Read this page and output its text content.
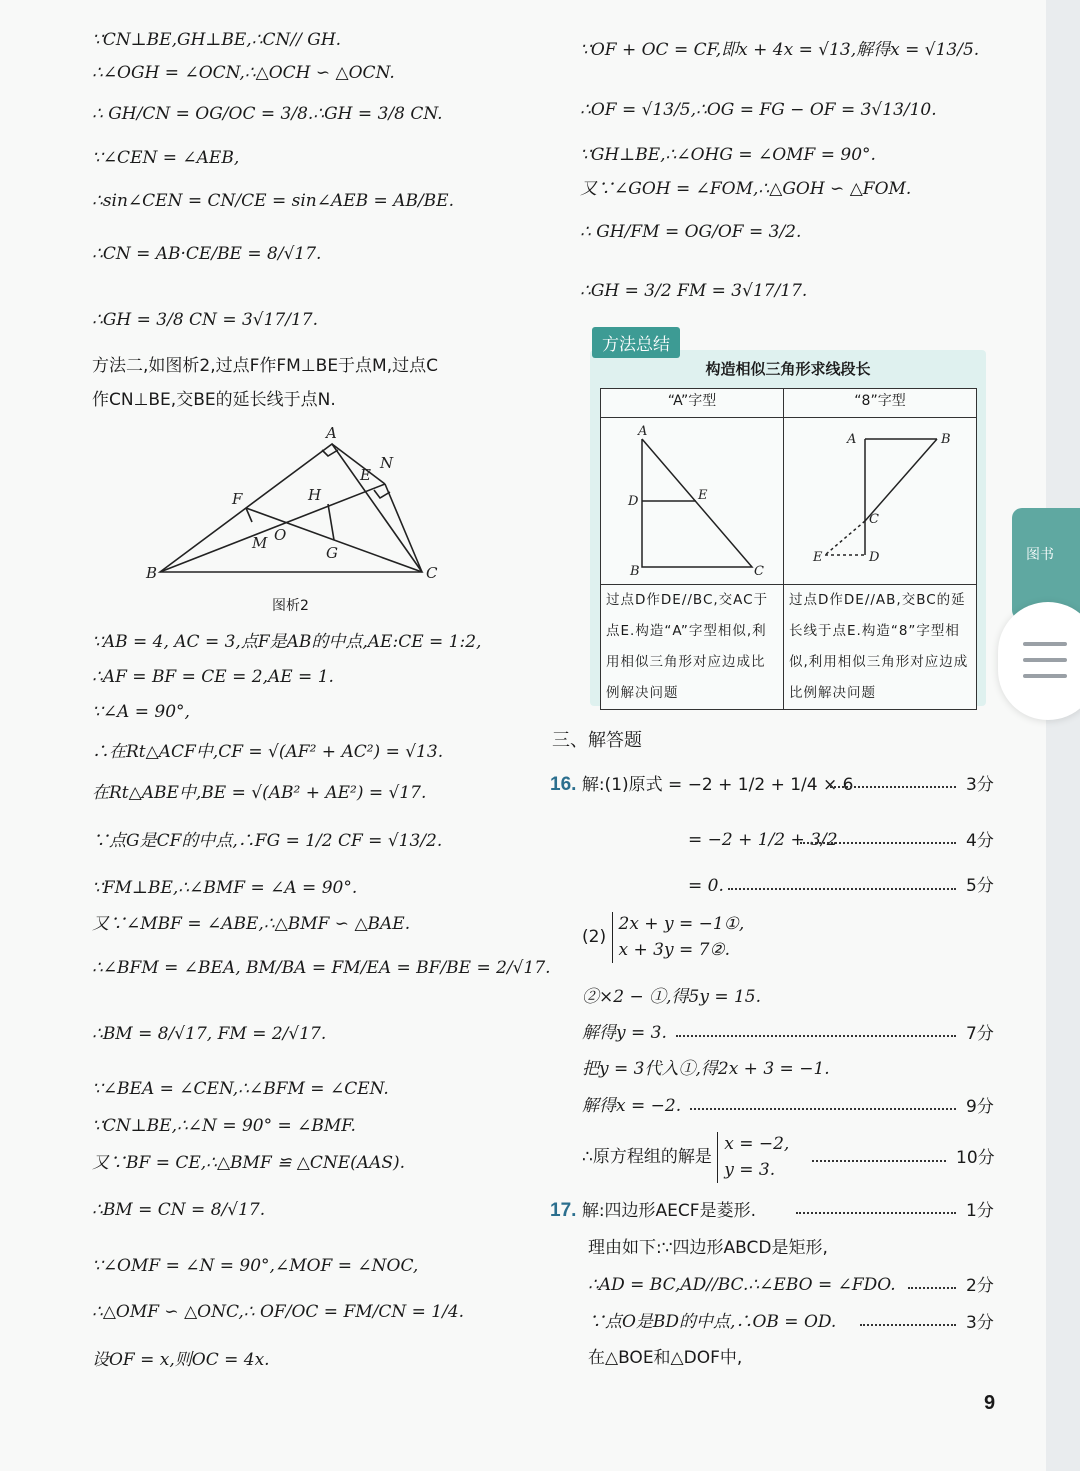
∵CN⊥BE,GH⊥BE,∴CN// GH.
∴∠OGH = ∠OCN,∴△OCH ∽ △OCN.
∴ GH/CN = OG/OC = 3/8.∴GH = 3/8 CN.
∵∠CEN = ∠AEB,
∴sin∠CEN = CN/CE = sin∠AEB = AB/BE.
∴CN = AB·CE/BE = 8/√17.
∴GH = 3/8 CN = 3√17/17.
方法二,如图析2,过点F作FM⊥BE于点M,过点C
作CN⊥BE,交BE的延长线于点N.
A
B	C
F
E
N
H
O
M
G
图析2
∵AB = 4, AC = 3,点F是AB的中点,AE:CE = 1:2,
∴AF = BF = CE = 2,AE = 1.
∵∠A = 90°,
∴在Rt△ACF中,CF = √(AF² + AC²) = √13.
在Rt△ABE中,BE = √(AB² + AE²) = √17.
∵点G是CF的中点,∴FG = 1/2 CF = √13/2.
∵FM⊥BE,∴∠BMF = ∠A = 90°.
又∵∠MBF = ∠ABE,∴△BMF ∽ △BAE.
∴∠BFM = ∠BEA, BM/BA = FM/EA = BF/BE = 2/√17.
∴BM = 8/√17, FM = 2/√17.
∵∠BEA = ∠CEN,∴∠BFM = ∠CEN.
∵CN⊥BE,∴∠N = 90° = ∠BMF.
又∵BF = CE,∴△BMF ≌ △CNE(AAS).
∴BM = CN = 8/√17.
∵∠OMF = ∠N = 90°,∠MOF = ∠NOC,
∴△OMF ∽ △ONC,∴ OF/OC = FM/CN = 1/4.
设OF = x,则OC = 4x.
∵OF + OC = CF,即x + 4x = √13,解得x = √13/5.
∴OF = √13/5,∴OG = FG − OF = 3√13/10.
∵GH⊥BE,∴∠OHG = ∠OMF = 90°.
又∵∠GOH = ∠FOM,∴△GOH ∽ △FOM.
∴ GH/FM = OG/OF = 3/2.
∴GH = 3/2 FM = 3√17/17.
构造相似三角形求线段长
“A”字型	“8”字型

A
D E
B C	A B
C
E D

过点D作DE//BC,交AC于点E.构造“A”字型相似,利用相似三角形对应边成比例解决问题	过点D作DE//AB,交BC的延长线于点E.构造“8”字型相似,利用相似三角形对应边成比例解决问题
方法总结
三、解答题
16. 解:(1)原式 = −2 + 1/2 + 1/4 × 6	3分
= −2 + 1/2 + 3/2	4分
= 0.	5分
(2)
2x + y = −1①,
x + 3y = 7②.
②×2 − ①,得5y = 15.
解得y = 3.	7分
把y = 3代入①,得2x + 3 = −1.
解得x = −2.	9分
∴原方程组的解是
x = −2,
y = 3.
10分
17. 解:四边形AECF是菱形.	1分
理由如下:∵四边形ABCD是矩形,
∴AD = BC,AD//BC.∴∠EBO = ∠FDO.	2分
∵点O是BD的中点,∴OB = OD.	3分
在△BOE和△DOF中,
9
图书
